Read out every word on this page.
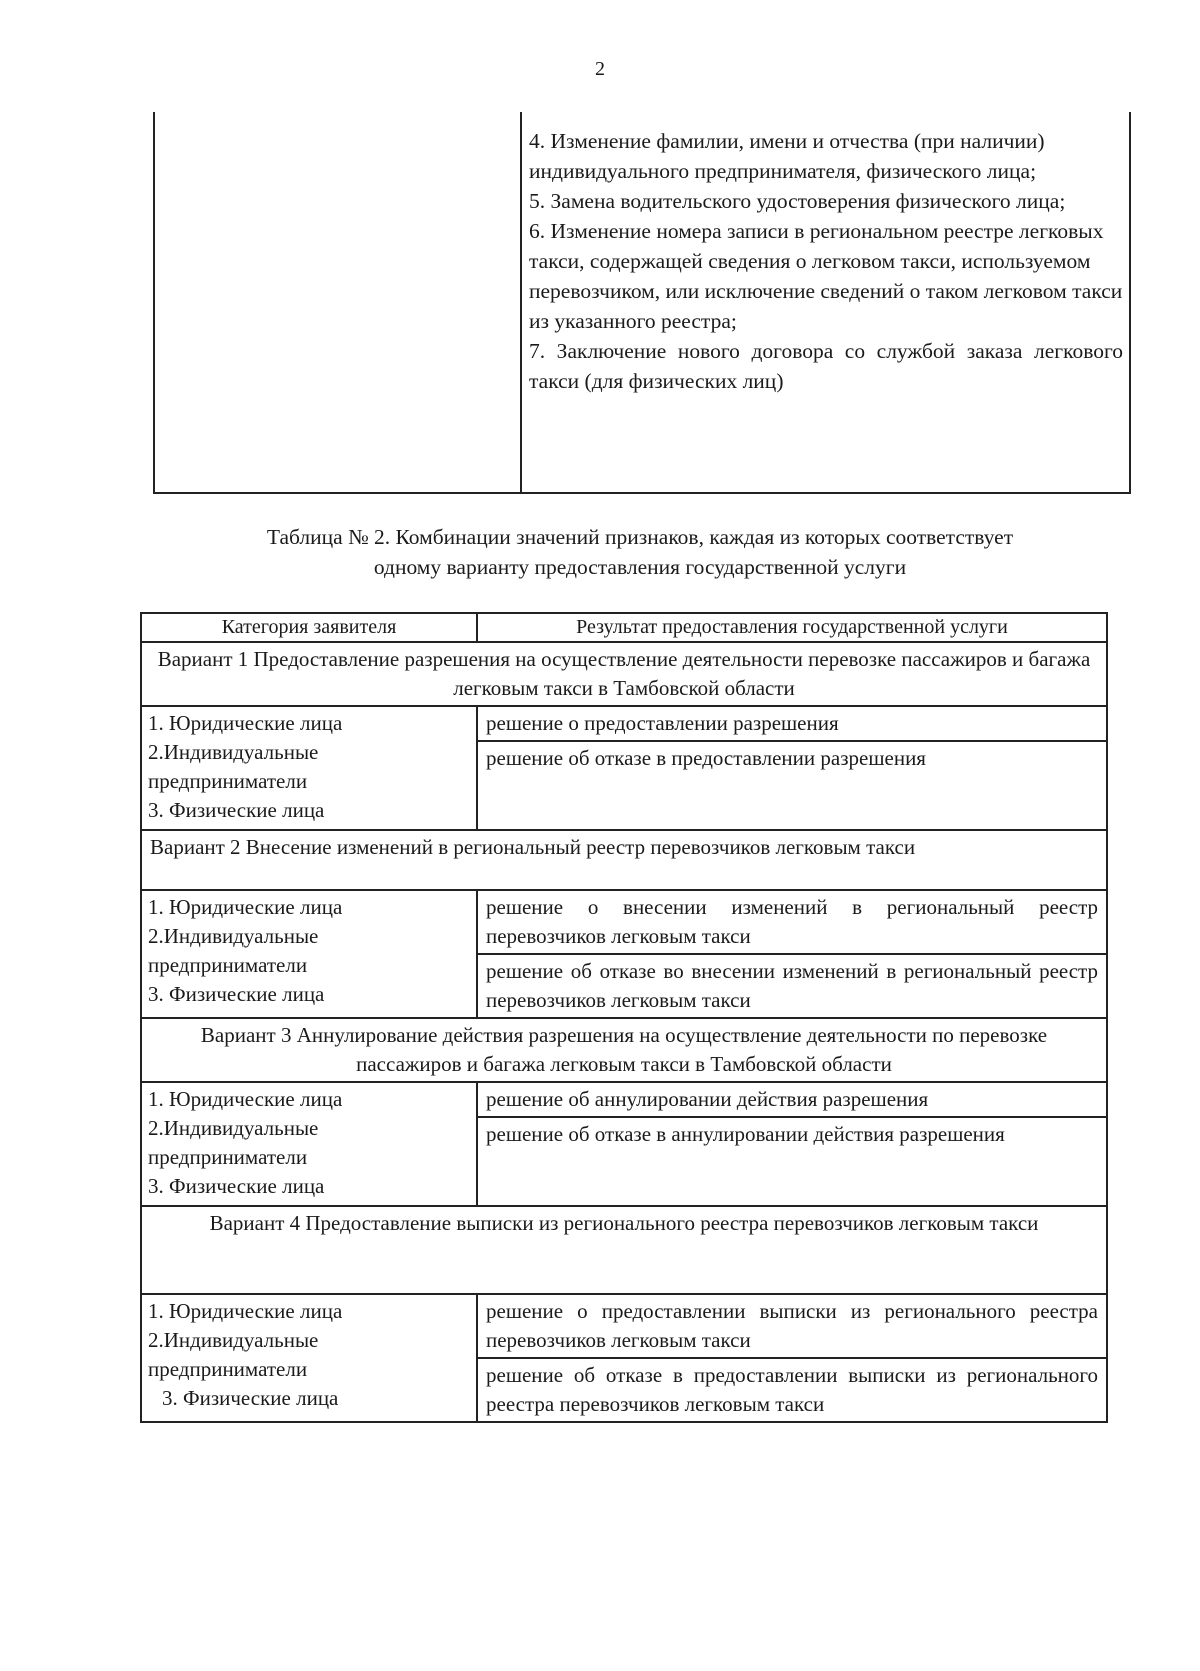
2
4. Изменение фамилии, имени и отчества (при наличии) индивидуального предпринимателя, физического лица;
5. Замена водительского удостоверения физического лица;
6. Изменение номера записи в региональном реестре легковых такси, содержащей сведения о легковом такси, используемом перевозчиком, или исключение сведений о таком легковом такси из указанного реестра;
7. Заключение нового договора со службой заказа легкового такси (для физических лиц)
Таблица № 2. Комбинации значений признаков, каждая из которых соответствует
одному варианту предоставления государственной услуги
Категория заявителя	Результат предоставления государственной услуги
Вариант 1 Предоставление разрешения на осуществление деятельности перевозке пассажиров и багажа легковым такси в Тамбовской области	

1. Юридические лица
2.Индивидуальные предприниматели
3. Физические лица	решение о предоставлении разрешения
	решение об отказе в предоставлении разрешения
Вариант 2 Внесение изменений в региональный реестр перевозчиков легковым такси	

1. Юридические лица
2.Индивидуальные предприниматели
3. Физические лица	решение о внесении изменений в региональный реестр перевозчиков легковым такси
	решение об отказе во внесении изменений в региональный реестр перевозчиков легковым такси
Вариант 3 Аннулирование действия разрешения на осуществление деятельности по перевозке пассажиров и багажа легковым такси в Тамбовской области	

1. Юридические лица
2.Индивидуальные предприниматели
3. Физические лица	решение об аннулировании действия разрешения
	решение об отказе в аннулировании действия разрешения
Вариант 4 Предоставление выписки из регионального реестра перевозчиков легковым такси	

1. Юридические лица
2.Индивидуальные предприниматели
3. Физические лица	решение о предоставлении выписки из регионального реестра перевозчиков легковым такси
	решение об отказе в предоставлении выписки из регионального реестра перевозчиков легковым такси
